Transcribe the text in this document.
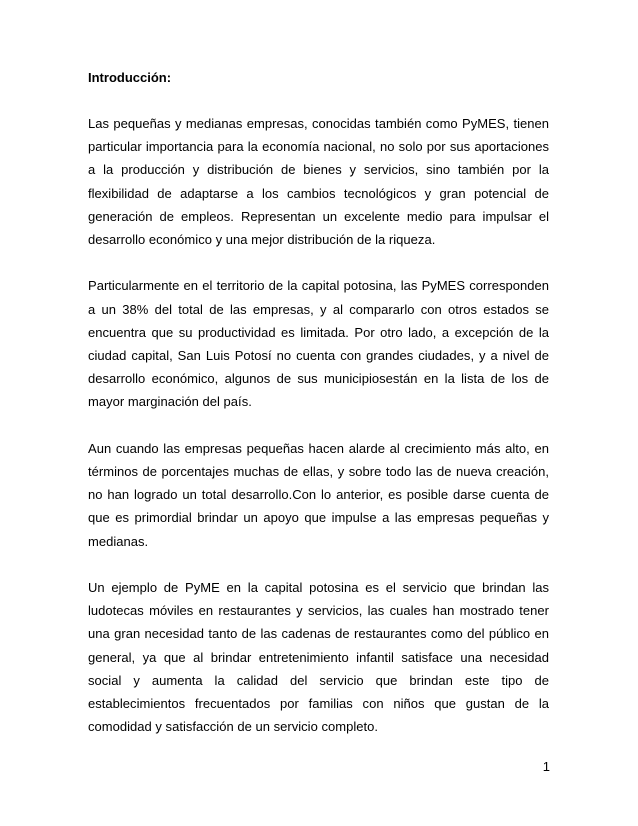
Introducción:

Las pequeñas y medianas empresas, conocidas también como PyMES, tienen particular importancia para la economía nacional, no solo por sus aportaciones a la producción y distribución de bienes y servicios, sino también por la flexibilidad de adaptarse a los cambios tecnológicos y gran potencial de generación de empleos. Representan un excelente medio para impulsar el desarrollo económico y una mejor distribución de la riqueza.

Particularmente en el territorio de la capital potosina, las PyMES corresponden a un 38% del total de las empresas, y al compararlo con otros estados se encuentra que su productividad es limitada. Por otro lado, a excepción de la ciudad capital, San Luis Potosí no cuenta con grandes ciudades, y a nivel de desarrollo económico, algunos de sus municipiosestán en la lista de los de mayor marginación del país.

Aun cuando las empresas pequeñas hacen alarde al crecimiento más alto, en términos de porcentajes muchas de ellas, y sobre todo las de nueva creación, no han logrado un total desarrollo.Con lo anterior, es posible darse cuenta de que es primordial brindar un apoyo que impulse a las empresas pequeñas y medianas.

Un ejemplo de PyME en la capital potosina es el servicio que brindan las ludotecas móviles en restaurantes y servicios, las cuales han mostrado tener una gran necesidad tanto de las cadenas de restaurantes como del público en general, ya que al brindar entretenimiento infantil satisface una necesidad social y aumenta la calidad del servicio que brindan este tipo de establecimientos frecuentados por familias con niños que gustan de la comodidad y satisfacción de un servicio completo.

1
